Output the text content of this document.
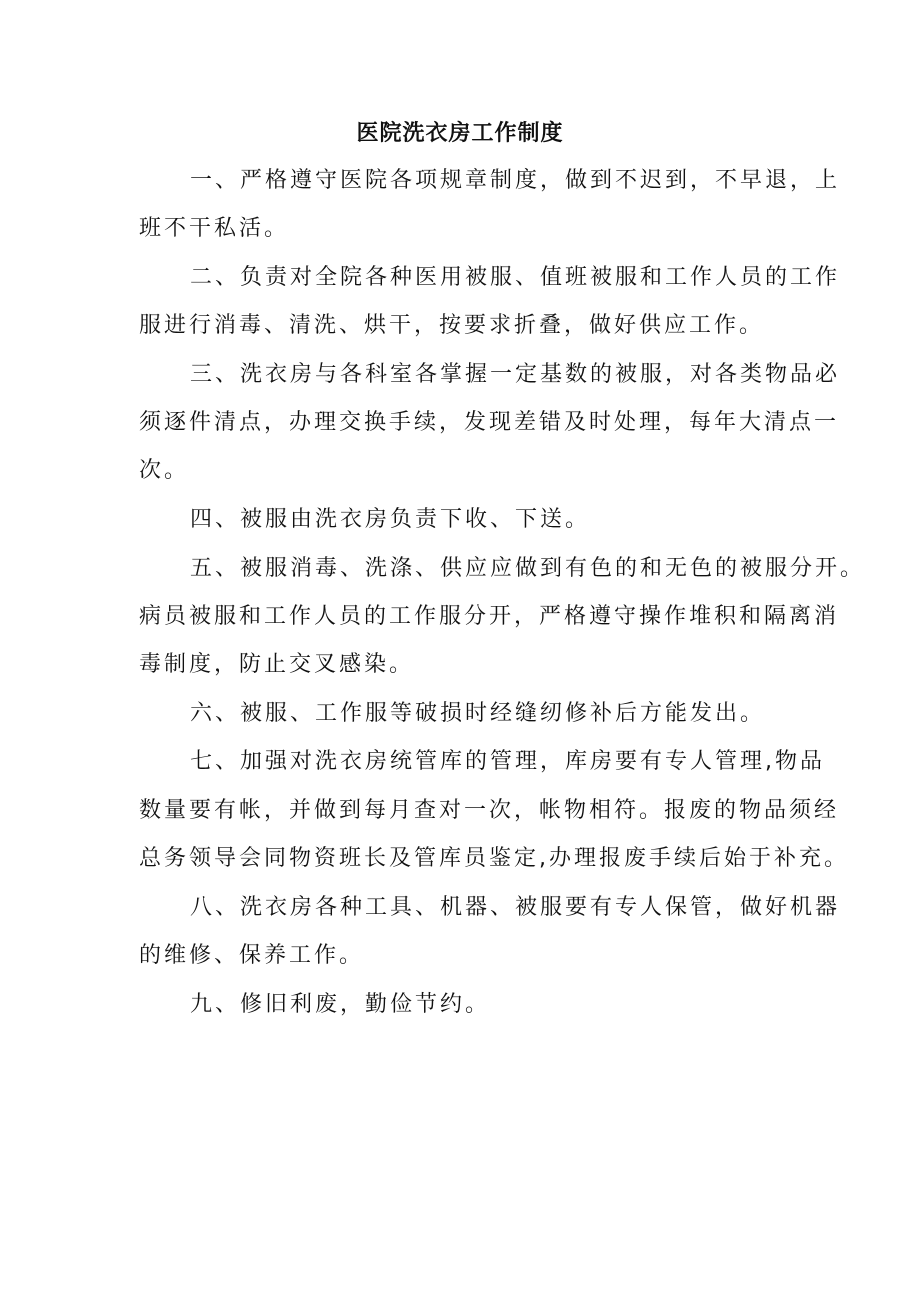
医院洗衣房工作制度
一、严格遵守医院各项规章制度，做到不迟到，不早退，上
班不干私活。
二、负责对全院各种医用被服、值班被服和工作人员的工作
服进行消毒、清洗、烘干，按要求折叠，做好供应工作。
三、洗衣房与各科室各掌握一定基数的被服，对各类物品必
须逐件清点，办理交换手续，发现差错及时处理，每年大清点一
次。
四、被服由洗衣房负责下收、下送。
五、被服消毒、洗涤、供应应做到有色的和无色的被服分开。
病员被服和工作人员的工作服分开，严格遵守操作堆积和隔离消
毒制度，防止交叉感染。
六、被服、工作服等破损时经缝纫修补后方能发出。
七、加强对洗衣房统管库的管理，库房要有专人管理,物品
数量要有帐，并做到每月查对一次，帐物相符。报废的物品须经
总务领导会同物资班长及管库员鉴定,办理报废手续后始于补充。
八、洗衣房各种工具、机器、被服要有专人保管，做好机器
的维修、保养工作。
九、修旧利废，勤俭节约。
